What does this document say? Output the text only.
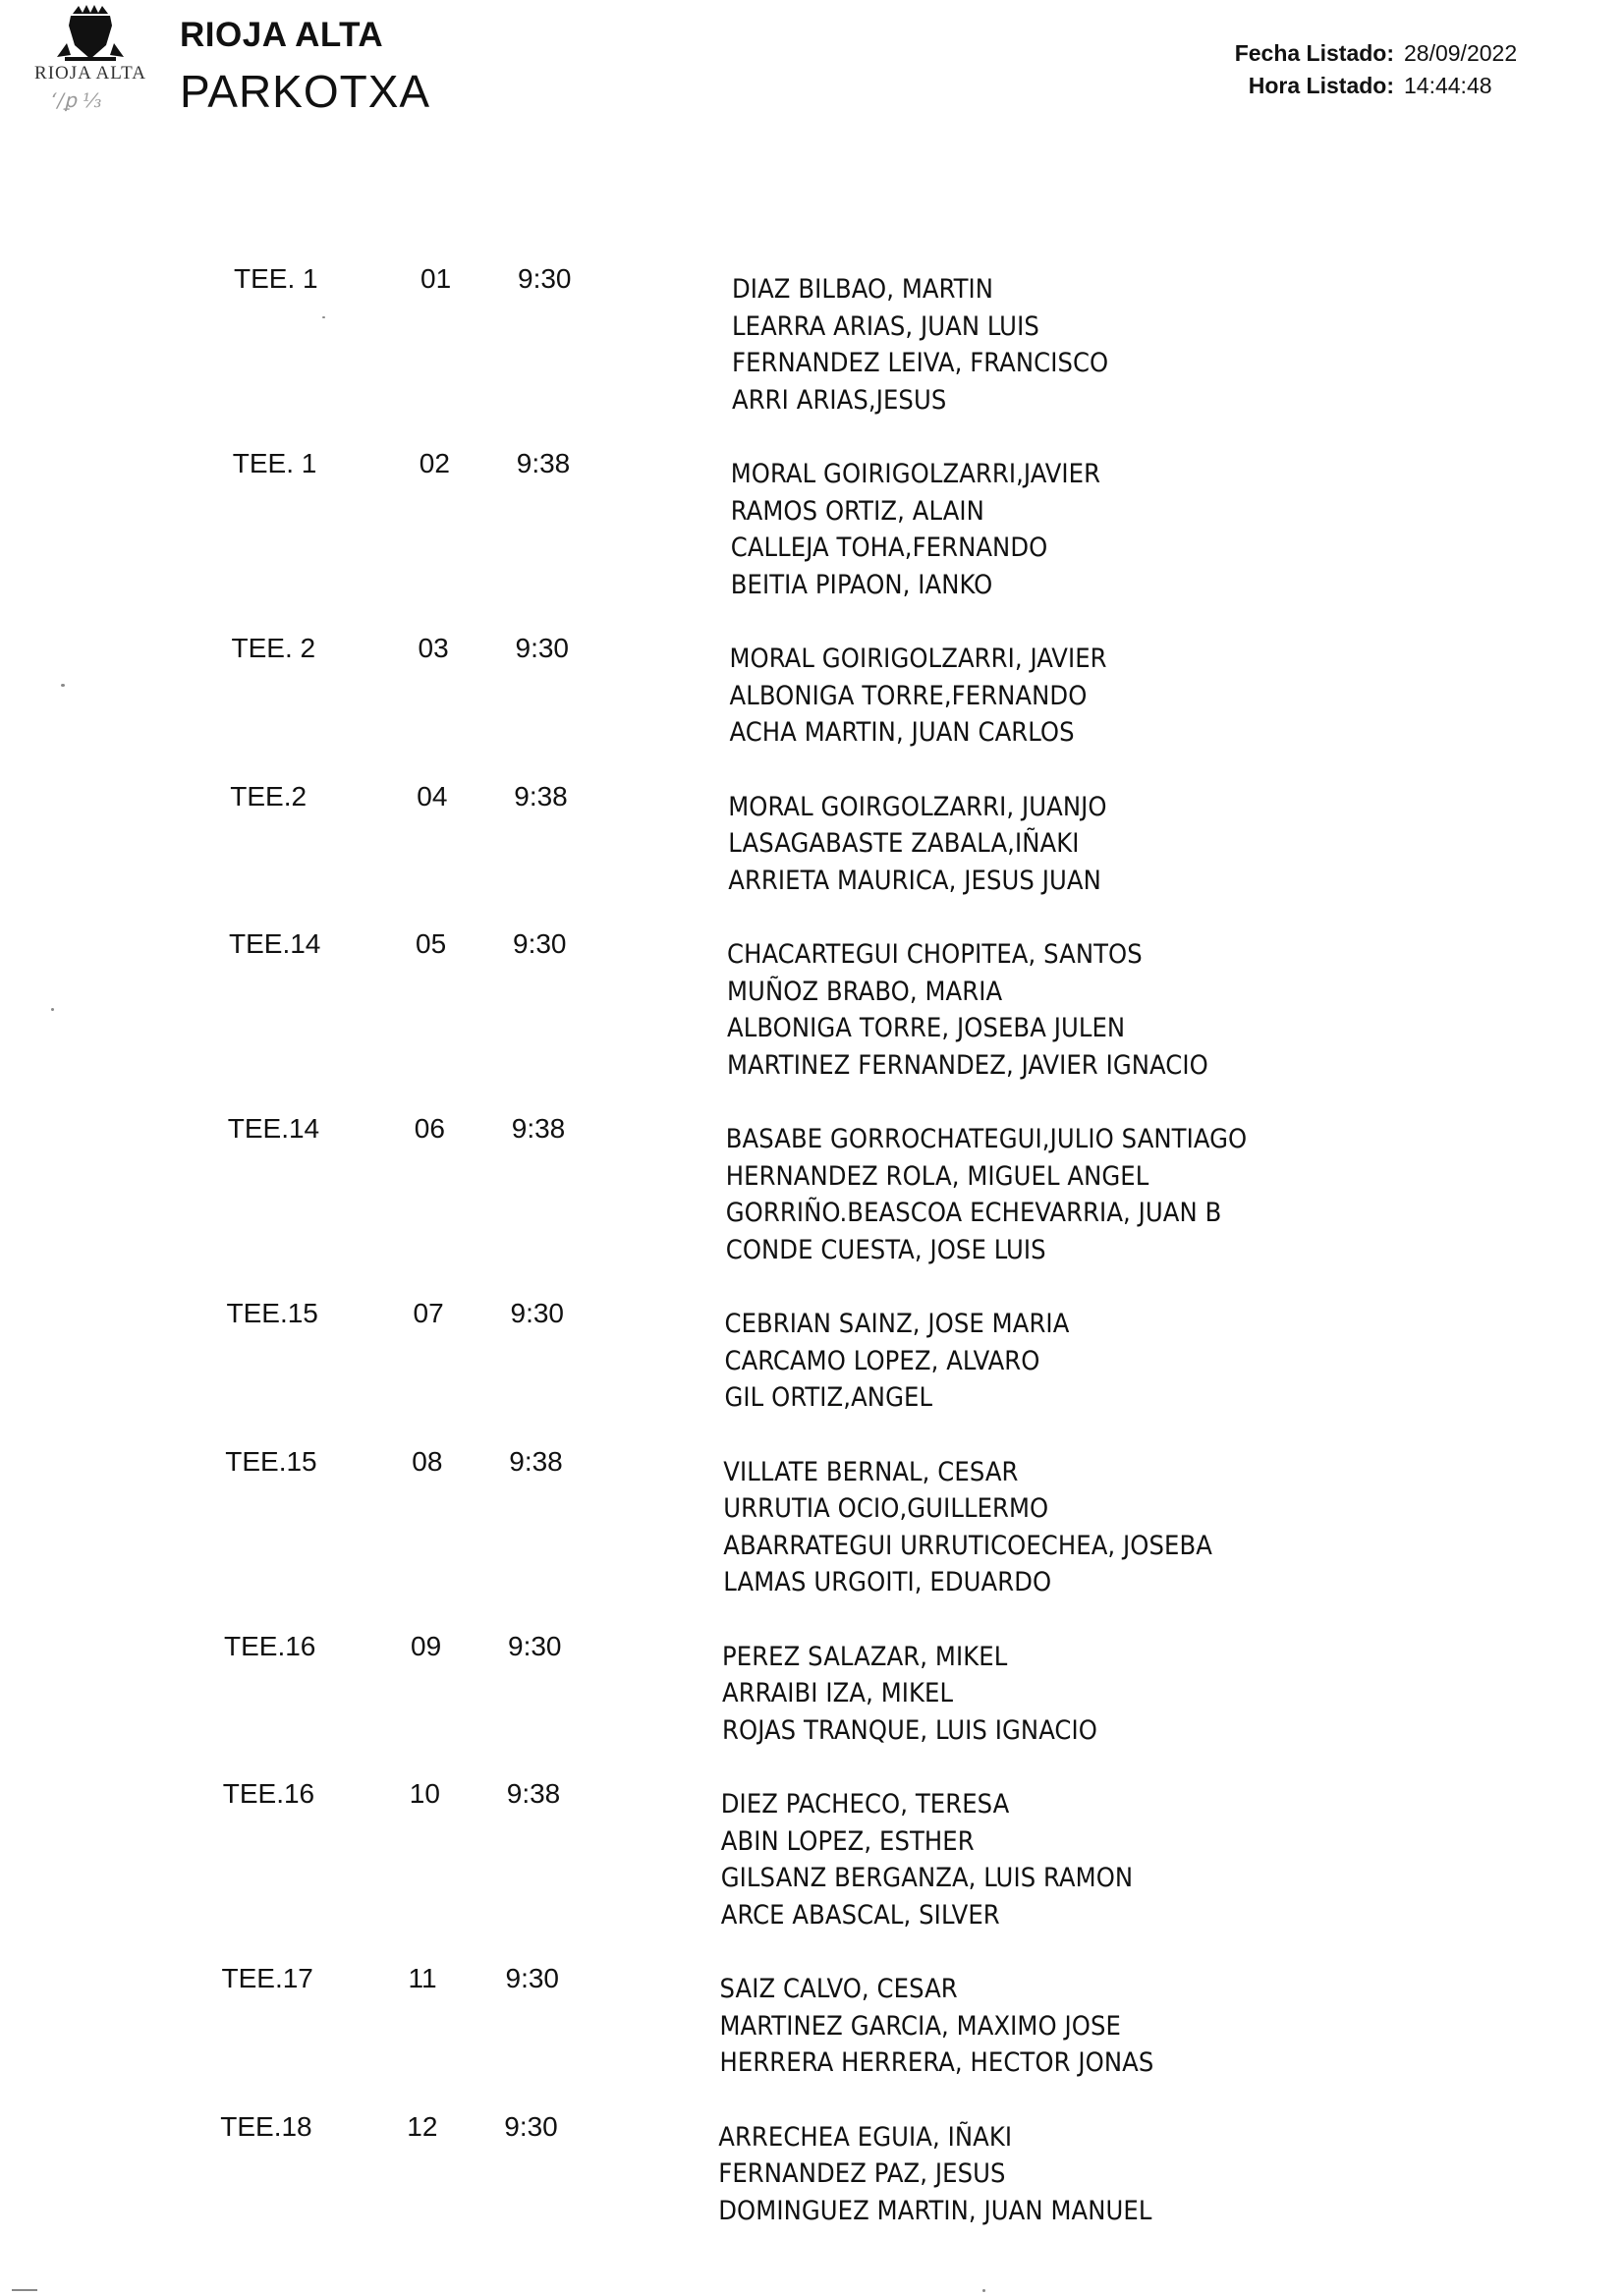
RIOJA ALTA
ʻ/ꝑ ⅓
RIOJA ALTA
PARKOTXA
Fecha Listado: 28/09/2022
Hora Listado: 14:44:48
TEE. 1	01 9:30	DIAZ BILBAO, MARTIN
LEARRA ARIAS, JUAN LUIS
FERNANDEZ LEIVA, FRANCISCO
ARRI ARIAS,JESUS
TEE. 1	02 9:38	MORAL GOIRIGOLZARRI,JAVIER
RAMOS ORTIZ, ALAIN
CALLEJA TOHA,FERNANDO
BEITIA PIPAON, IANKO
TEE. 2	03 9:30	MORAL GOIRIGOLZARRI, JAVIER
ALBONIGA TORRE,FERNANDO
ACHA MARTIN, JUAN CARLOS
TEE.2	04 9:38	MORAL GOIRGOLZARRI, JUANJO
LASAGABASTE ZABALA,IÑAKI
ARRIETA MAURICA, JESUS JUAN
TEE.14	05 9:30	CHACARTEGUI CHOPITEA, SANTOS
MUÑOZ BRABO, MARIA
ALBONIGA TORRE, JOSEBA JULEN
MARTINEZ FERNANDEZ, JAVIER IGNACIO
TEE.14	06 9:38	BASABE GORROCHATEGUI,JULIO SANTIAGO
HERNANDEZ ROLA, MIGUEL ANGEL
GORRIÑO.BEASCOA ECHEVARRIA, JUAN B
CONDE CUESTA, JOSE LUIS
TEE.15	07 9:30	CEBRIAN SAINZ, JOSE MARIA
CARCAMO LOPEZ, ALVARO
GIL ORTIZ,ANGEL
TEE.15	08 9:38	VILLATE BERNAL, CESAR
URRUTIA OCIO,GUILLERMO
ABARRATEGUI URRUTICOECHEA, JOSEBA
LAMAS URGOITI, EDUARDO
TEE.16	09 9:30	PEREZ SALAZAR, MIKEL
ARRAIBI IZA, MIKEL
ROJAS TRANQUE, LUIS IGNACIO
TEE.16	10 9:38	DIEZ PACHECO, TERESA
ABIN LOPEZ, ESTHER
GILSANZ BERGANZA, LUIS RAMON
ARCE ABASCAL, SILVER
TEE.17	11 9:30	SAIZ CALVO, CESAR
MARTINEZ GARCIA, MAXIMO JOSE
HERRERA HERRERA, HECTOR JONAS
TEE.18	12 9:30	ARRECHEA EGUIA, IÑAKI
FERNANDEZ PAZ, JESUS
DOMINGUEZ MARTIN, JUAN MANUEL
